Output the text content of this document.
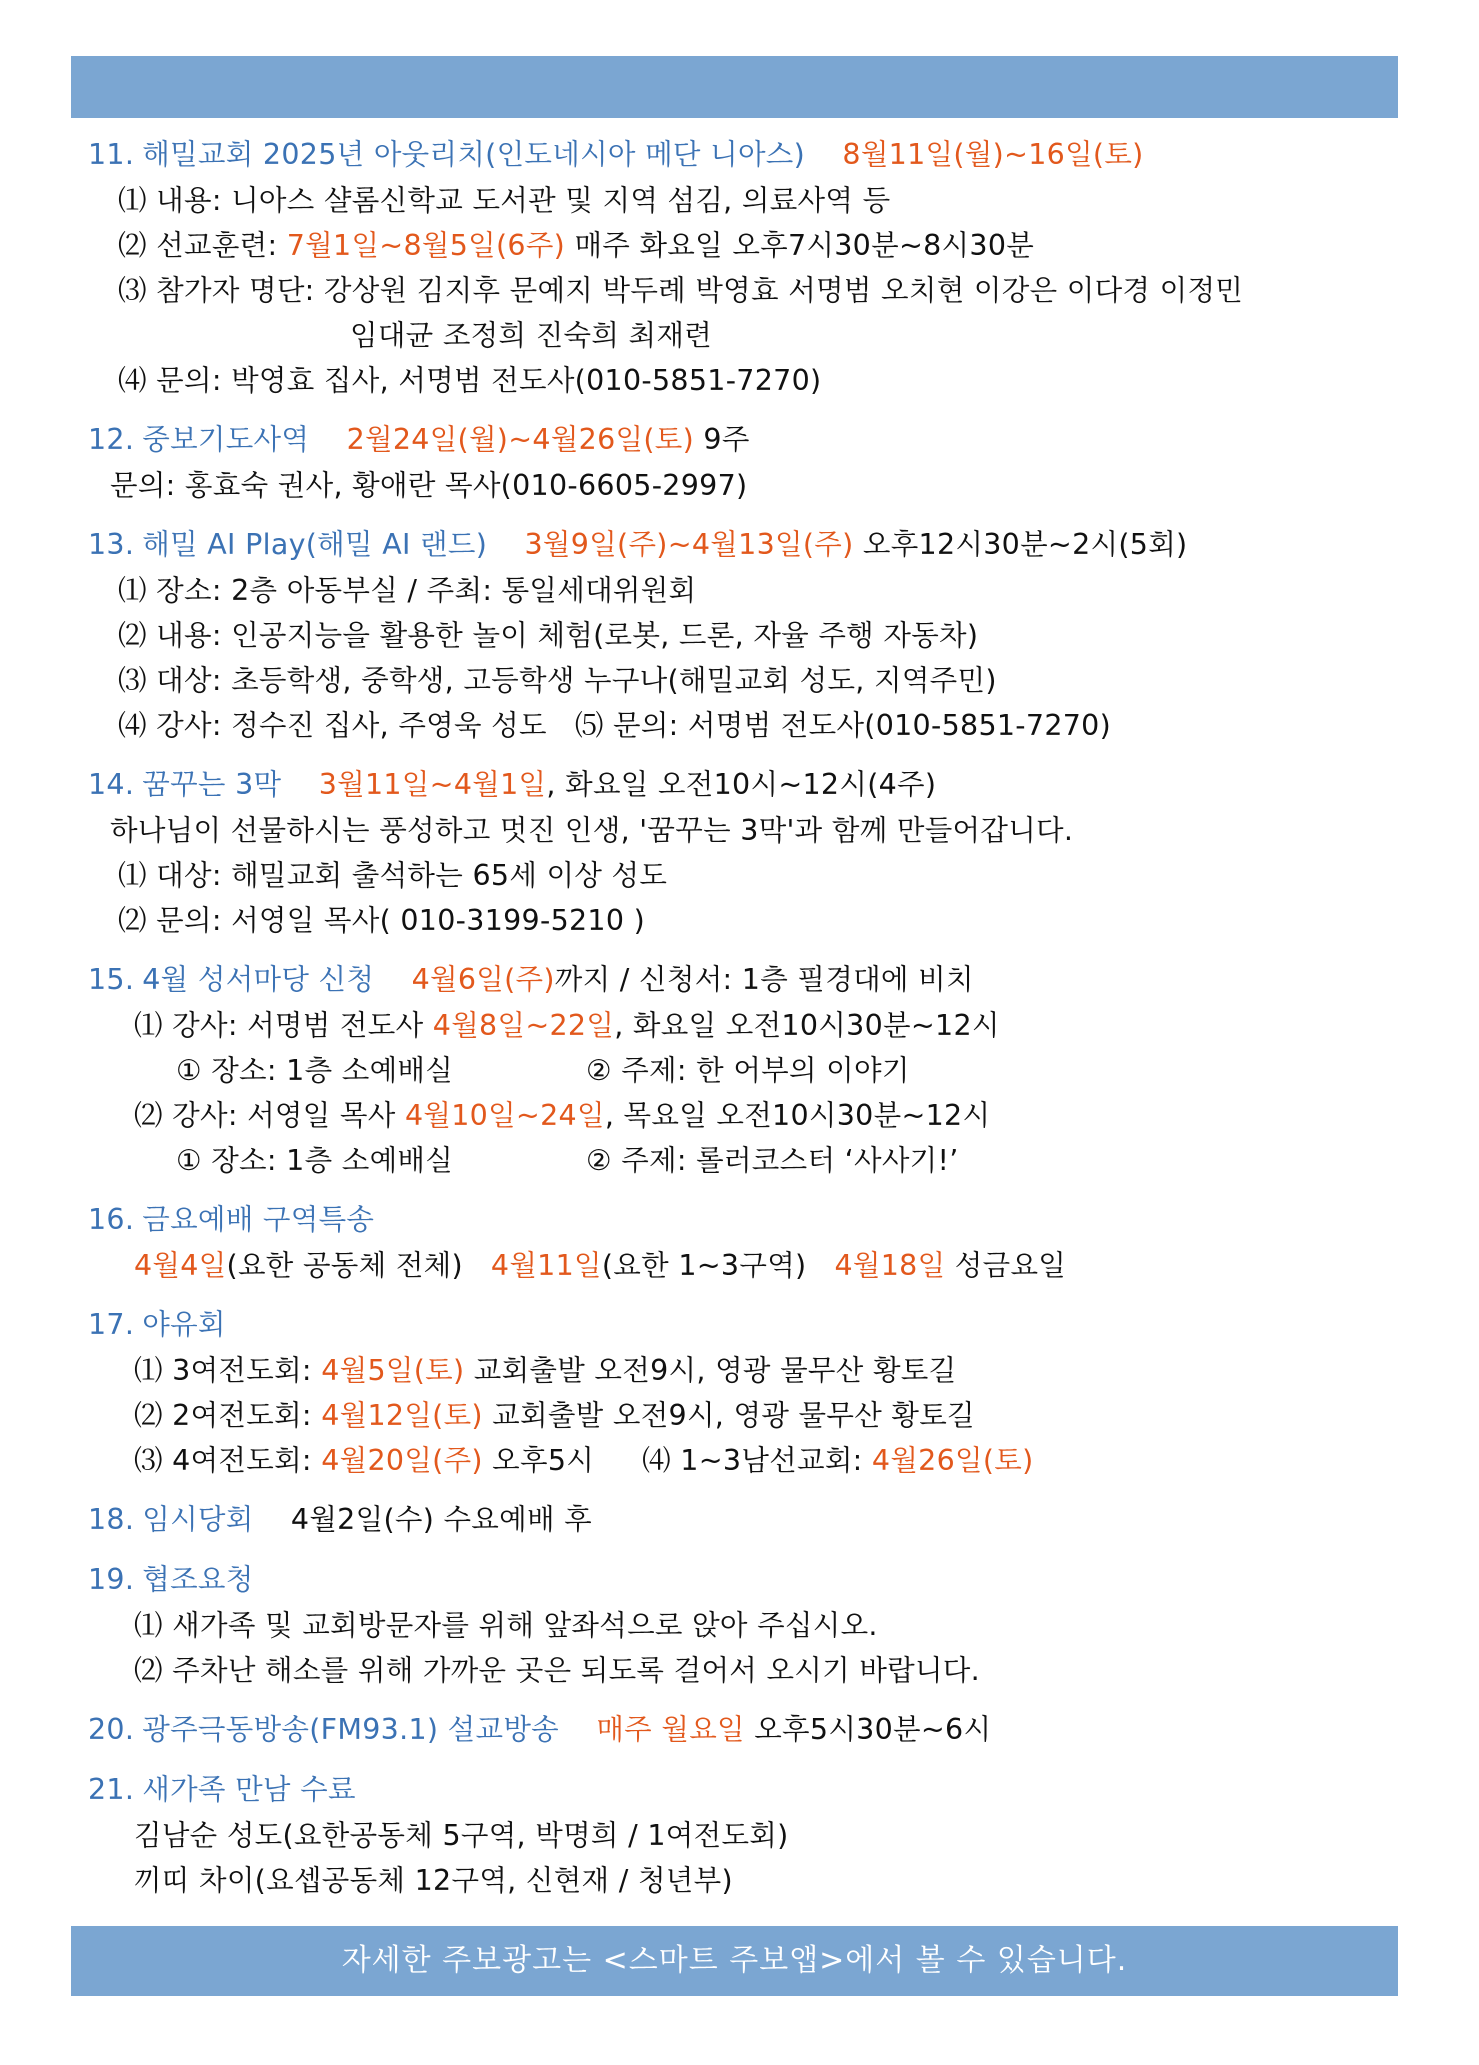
11. 해밀교회 2025년 아웃리치(인도네시아 메단 니아스) 8월11일(월)~16일(토)
⑴ 내용: 니아스 샬롬신학교 도서관 및 지역 섬김, 의료사역 등
⑵ 선교훈련: 7월1일~8월5일(6주) 매주 화요일 오후7시30분~8시30분
⑶ 참가자 명단: 강상원 김지후 문예지 박두례 박영효 서명범 오치현 이강은 이다경 이정민
임대균 조정희 진숙희 최재련
⑷ 문의: 박영효 집사, 서명범 전도사(010-5851-7270)
12. 중보기도사역 2월24일(월)~4월26일(토) 9주
문의: 홍효숙 권사, 황애란 목사(010-6605-2997)
13. 해밀 AI Play(해밀 AI 랜드) 3월9일(주)~4월13일(주) 오후12시30분~2시(5회)
⑴ 장소: 2층 아동부실 / 주최: 통일세대위원회
⑵ 내용: 인공지능을 활용한 놀이 체험(로봇, 드론, 자율 주행 자동차)
⑶ 대상: 초등학생, 중학생, 고등학생 누구나(해밀교회 성도, 지역주민)
⑷ 강사: 정수진 집사, 주영욱 성도 ⑸ 문의: 서명범 전도사(010-5851-7270)
14. 꿈꾸는 3막 3월11일~4월1일, 화요일 오전10시~12시(4주)
하나님이 선물하시는 풍성하고 멋진 인생, '꿈꾸는 3막'과 함께 만들어갑니다.
⑴ 대상: 해밀교회 출석하는 65세 이상 성도
⑵ 문의: 서영일 목사( 010-3199-5210 )
15. 4월 성서마당 신청 4월6일(주)까지 / 신청서: 1층 필경대에 비치
⑴ 강사: 서명범 전도사 4월8일~22일, 화요일 오전10시30분~12시
① 장소: 1층 소예배실	② 주제: 한 어부의 이야기
⑵ 강사: 서영일 목사 4월10일~24일, 목요일 오전10시30분~12시
① 장소: 1층 소예배실	② 주제: 롤러코스터 ‘사사기!’
16. 금요예배 구역특송
4월4일(요한 공동체 전체) 4월11일(요한 1~3구역) 4월18일 성금요일
17. 야유회
⑴ 3여전도회: 4월5일(토) 교회출발 오전9시, 영광 물무산 황토길
⑵ 2여전도회: 4월12일(토) 교회출발 오전9시, 영광 물무산 황토길
⑶ 4여전도회: 4월20일(주) 오후5시 ⑷ 1~3남선교회: 4월26일(토)
18. 임시당회 4월2일(수) 수요예배 후
19. 협조요청
⑴ 새가족 및 교회방문자를 위해 앞좌석으로 앉아 주십시오.
⑵ 주차난 해소를 위해 가까운 곳은 되도록 걸어서 오시기 바랍니다.
20. 광주극동방송(FM93.1) 설교방송 매주 월요일 오후5시30분~6시
21. 새가족 만남 수료
김남순 성도(요한공동체 5구역, 박명희 / 1여전도회)
끼띠 차이(요셉공동체 12구역, 신현재 / 청년부)
자세한 주보광고는 <스마트 주보앱>에서 볼 수 있습니다.
